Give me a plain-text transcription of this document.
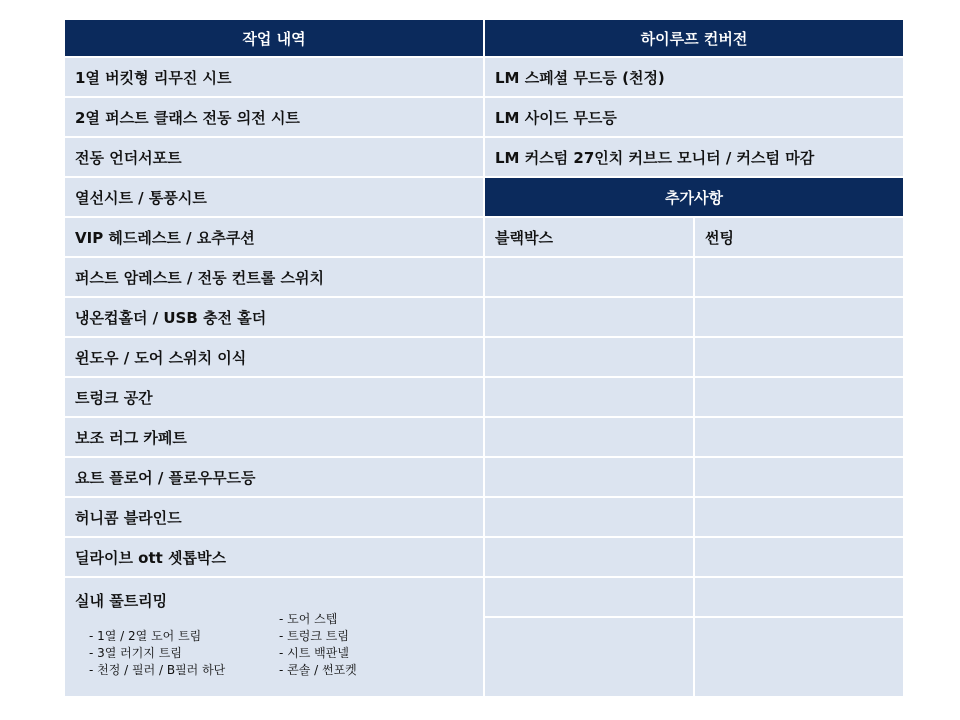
작업 내역	하이루프 컨버전
1열 버킷형 리무진 시트
2열 퍼스트 클래스 전동 의전 시트
전동 언더서포트
열선시트 / 통풍시트
VIP 헤드레스트 / 요추쿠션
퍼스트 암레스트 / 전동 컨트롤 스위치
냉온컵홀더 / USB 충전 홀더
윈도우 / 도어 스위치 이식
트렁크 공간
보조 러그 카페트
요트 플로어 / 플로우무드등
허니콤 블라인드
딜라이브 ott 셋톱박스
실내 풀트리밍
- 1열 / 2열 도어 트림
- 3열 러기지 트림
- 천정 / 필러 / B필러 하단
- 도어 스텝
- 트렁크 트림
- 시트 백판넬
- 콘솔 / 썬포켓
LM 스페셜 무드등 (천정)
LM 사이드 무드등
LM 커스텀 27인치 커브드 모니터 / 커스텀 마감
추가사항
블랙박스	썬팅
